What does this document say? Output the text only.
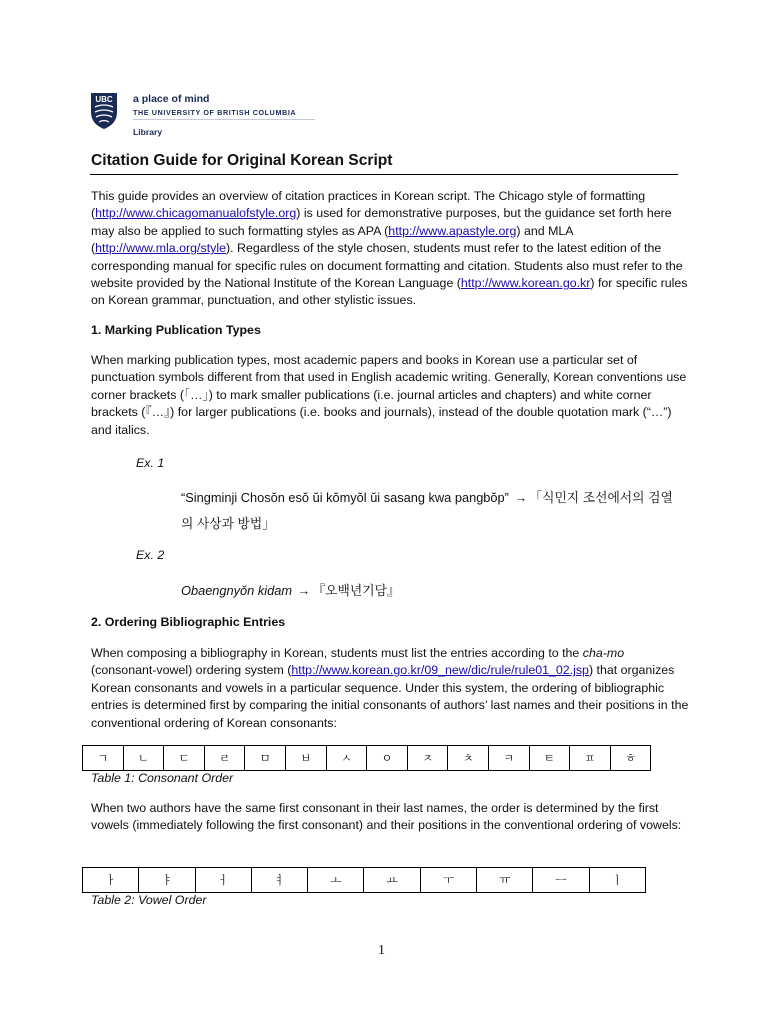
UBC a place of mind
THE UNIVERSITY OF BRITISH COLUMBIA
Library
Citation Guide for Original Korean Script

This guide provides an overview of citation practices in Korean script. The Chicago style of formatting (http://www.chicagomanualofstyle.org) is used for demonstrative purposes, but the guidance set forth here may also be applied to such formatting styles as APA (http://www.apastyle.org) and MLA (http://www.mla.org/style). Regardless of the style chosen, students must refer to the latest edition of the corresponding manual for specific rules on document formatting and citation. Students also must refer to the website provided by the National Institute of the Korean Language (http://www.korean.go.kr) for specific rules on Korean grammar, punctuation, and other stylistic issues.

1. Marking Publication Types

When marking publication types, most academic papers and books in Korean use a particular set of punctuation symbols different from that used in English academic writing. Generally, Korean conventions use corner brackets (「…」) to mark smaller publications (i.e. journal articles and chapters) and white corner brackets (『…』) for larger publications (i.e. books and journals), instead of the double quotation mark (“…”) and italics.

Ex. 1
“Singminji Chosŏn esŏ ŭi kŏmyŏl ŭi sasang kwa pangbŏp” → 「식민지 조선에서의 검열의 사상과 방법」
Ex. 2
Obaengnyŏn kidam → 『오백년기담』
2. Ordering Bibliographic Entries

When composing a bibliography in Korean, students must list the entries according to the cha-mo (consonant-vowel) ordering system (http://www.korean.go.kr/09_new/dic/rule/rule01_02.jsp) that organizes Korean consonants and vowels in a particular sequence. Under this system, the ordering of bibliographic entries is determined first by comparing the initial consonants of authors’ last names and their positions in the conventional ordering of Korean consonants:

ㄱ	ㄴ	ㄷ	ㄹ	ㅁ	ㅂ	ㅅ	ㅇ	ㅈ	ㅊ	ㅋ	ㅌ	ㅍ	ㅎ
Table 1: Consonant Order

When two authors have the same first consonant in their last names, the order is determined by the first vowels (immediately following the first consonant) and their positions in the conventional ordering of vowels:

ㅏ	ㅑ	ㅓ	ㅕ	ㅗ	ㅛ	ㅜ	ㅠ	ㅡ	ㅣ
Table 2: Vowel Order
1
